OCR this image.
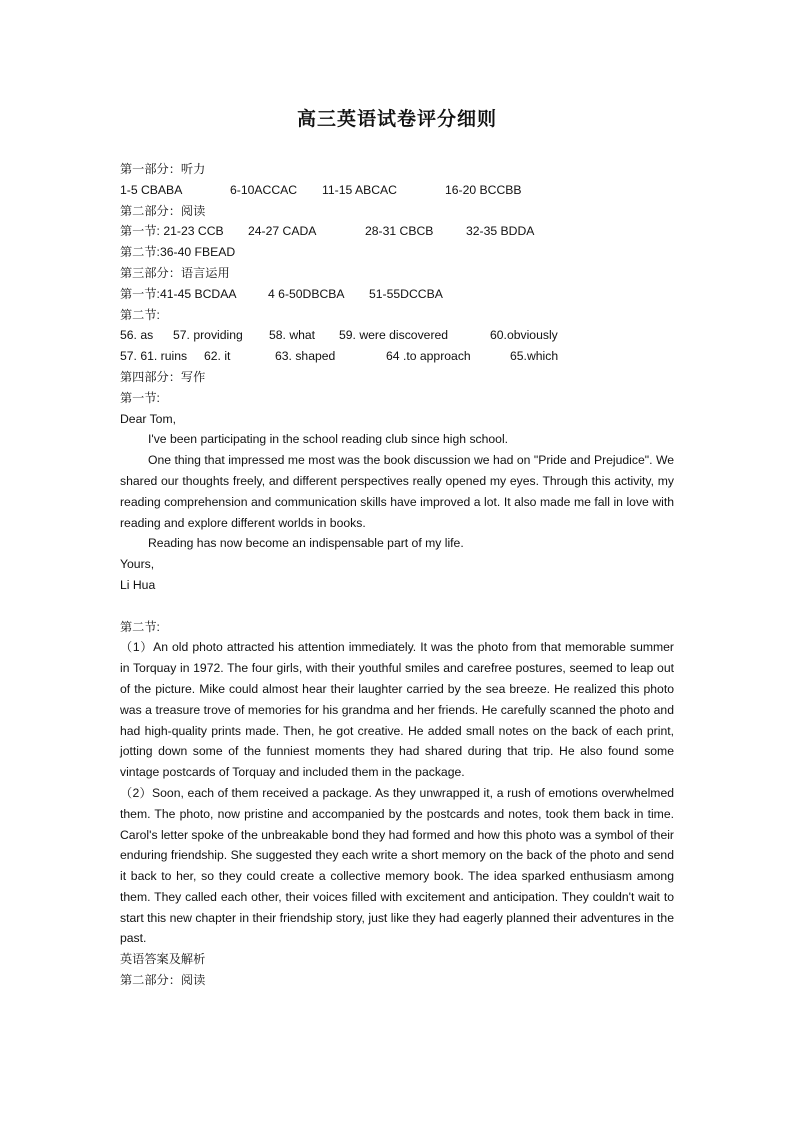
高三英语试卷评分细则
第一部分：听力
1-5 CBABA	6-10ACCAC 11-15 ABCAC	16-20 BCCBB
第二部分：阅读
第一节: 21-23 CCB 24-27 CADA	28-31 CBCB	32-35 BDDA
第二节:36-40 FBEAD
第三部分：语言运用
第一节:41-45 BCDAA	4 6-50DBCBA 51-55DCCBA
第二节:
56. as 57. providing 58. what 59. were discovered	60.obviously
57. 61. ruins 62. it	63. shaped	64 .to approach	65.which
第四部分：写作
第一节:
Dear Tom,
I've been participating in the school reading club since high school.
One thing that impressed me most was the book discussion we had on "Pride and Prejudice". We shared our thoughts freely, and different perspectives really opened my eyes. Through this activity, my reading comprehension and communication skills have improved a lot. It also made me fall in love with reading and explore different worlds in books.
Reading has now become an indispensable part of my life.
Yours,
Li Hua
第二节:
（1）An old photo attracted his attention immediately. It was the photo from that memorable summer in Torquay in 1972. The four girls, with their youthful smiles and carefree postures, seemed to leap out of the picture. Mike could almost hear their laughter carried by the sea breeze. He realized this photo was a treasure trove of memories for his grandma and her friends. He carefully scanned the photo and had high-quality prints made. Then, he got creative. He added small notes on the back of each print, jotting down some of the funniest moments they had shared during that trip. He also found some vintage postcards of Torquay and included them in the package.
（2）Soon, each of them received a package. As they unwrapped it, a rush of emotions overwhelmed them. The photo, now pristine and accompanied by the postcards and notes, took them back in time. Carol's letter spoke of the unbreakable bond they had formed and how this photo was a symbol of their enduring friendship. She suggested they each write a short memory on the back of the photo and send it back to her, so they could create a collective memory book. The idea sparked enthusiasm among them. They called each other, their voices filled with excitement and anticipation. They couldn't wait to start this new chapter in their friendship story, just like they had eagerly planned their adventures in the past.
英语答案及解析
第二部分：阅读
